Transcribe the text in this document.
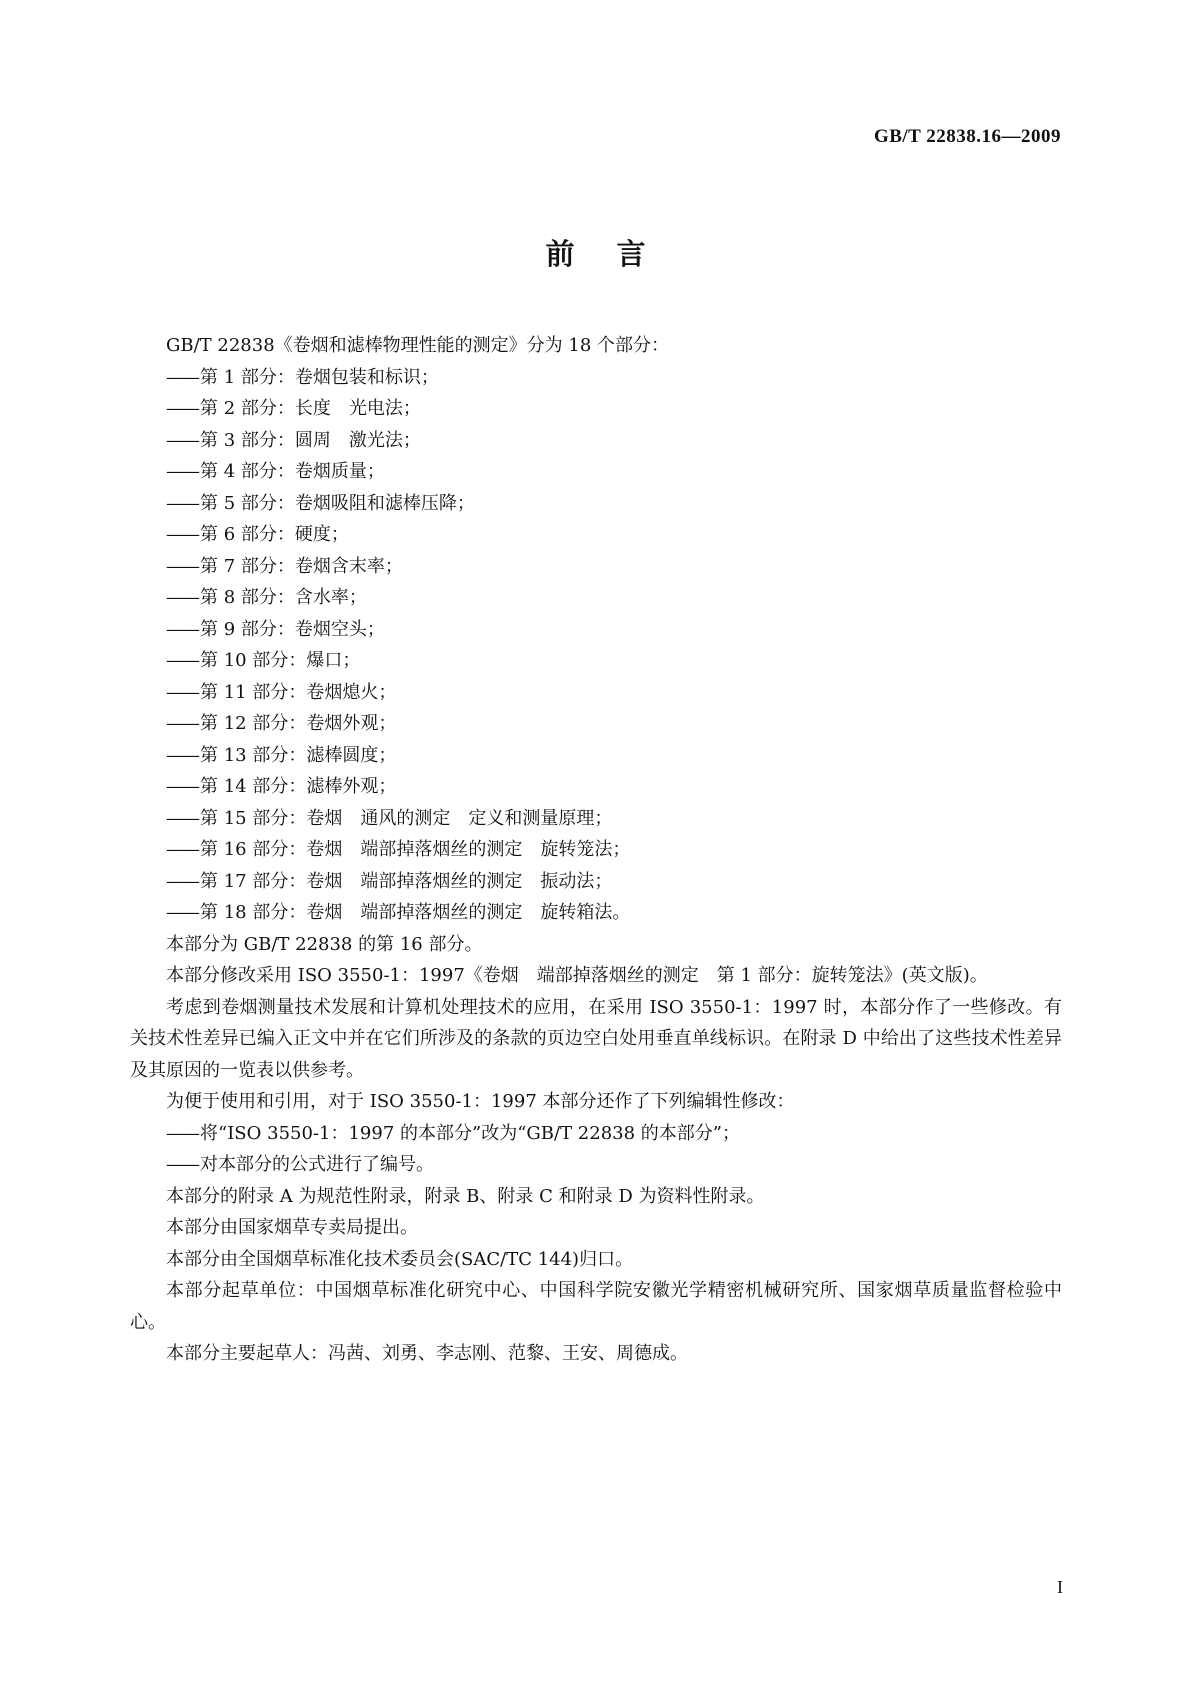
GB/T 22838.16—2009
前言

GB/T 22838《卷烟和滤棒物理性能的测定》分为 18 个部分：

—— 第 1 部分：卷烟包装和标识；

—— 第 2 部分：长度　光电法；

—— 第 3 部分：圆周　激光法；

—— 第 4 部分：卷烟质量；

—— 第 5 部分：卷烟吸阻和滤棒压降；

—— 第 6 部分：硬度；

—— 第 7 部分：卷烟含末率；

—— 第 8 部分：含水率；

—— 第 9 部分：卷烟空头；

—— 第 10 部分：爆口；

—— 第 11 部分：卷烟熄火；

—— 第 12 部分：卷烟外观；

—— 第 13 部分：滤棒圆度；

—— 第 14 部分：滤棒外观；

—— 第 15 部分：卷烟　通风的测定　定义和测量原理；

—— 第 16 部分：卷烟　端部掉落烟丝的测定　旋转笼法；

—— 第 17 部分：卷烟　端部掉落烟丝的测定　振动法；

—— 第 18 部分：卷烟　端部掉落烟丝的测定　旋转箱法。

本部分为 GB/T 22838 的第 16 部分。

本部分修改采用 ISO 3550-1：1997《卷烟　端部掉落烟丝的测定　第 1 部分：旋转笼法》(英文版)。

考虑到卷烟测量技术发展和计算机处理技术的应用，在采用 ISO 3550-1：1997 时，本部分作了一些修改。有关技术性差异已编入正文中并在它们所涉及的条款的页边空白处用垂直单线标识。在附录 D 中给出了这些技术性差异及其原因的一览表以供参考。

为便于使用和引用，对于 ISO 3550-1：1997 本部分还作了下列编辑性修改：

—— 将“ISO 3550-1：1997 的本部分”改为“GB/T 22838 的本部分”；

—— 对本部分的公式进行了编号。

本部分的附录 A 为规范性附录，附录 B、附录 C 和附录 D 为资料性附录。

本部分由国家烟草专卖局提出。

本部分由全国烟草标准化技术委员会(SAC/TC 144)归口。

本部分起草单位：中国烟草标准化研究中心、中国科学院安徽光学精密机械研究所、国家烟草质量监督检验中心。

本部分主要起草人：冯茜、刘勇、李志刚、范黎、王安、周德成。

I
